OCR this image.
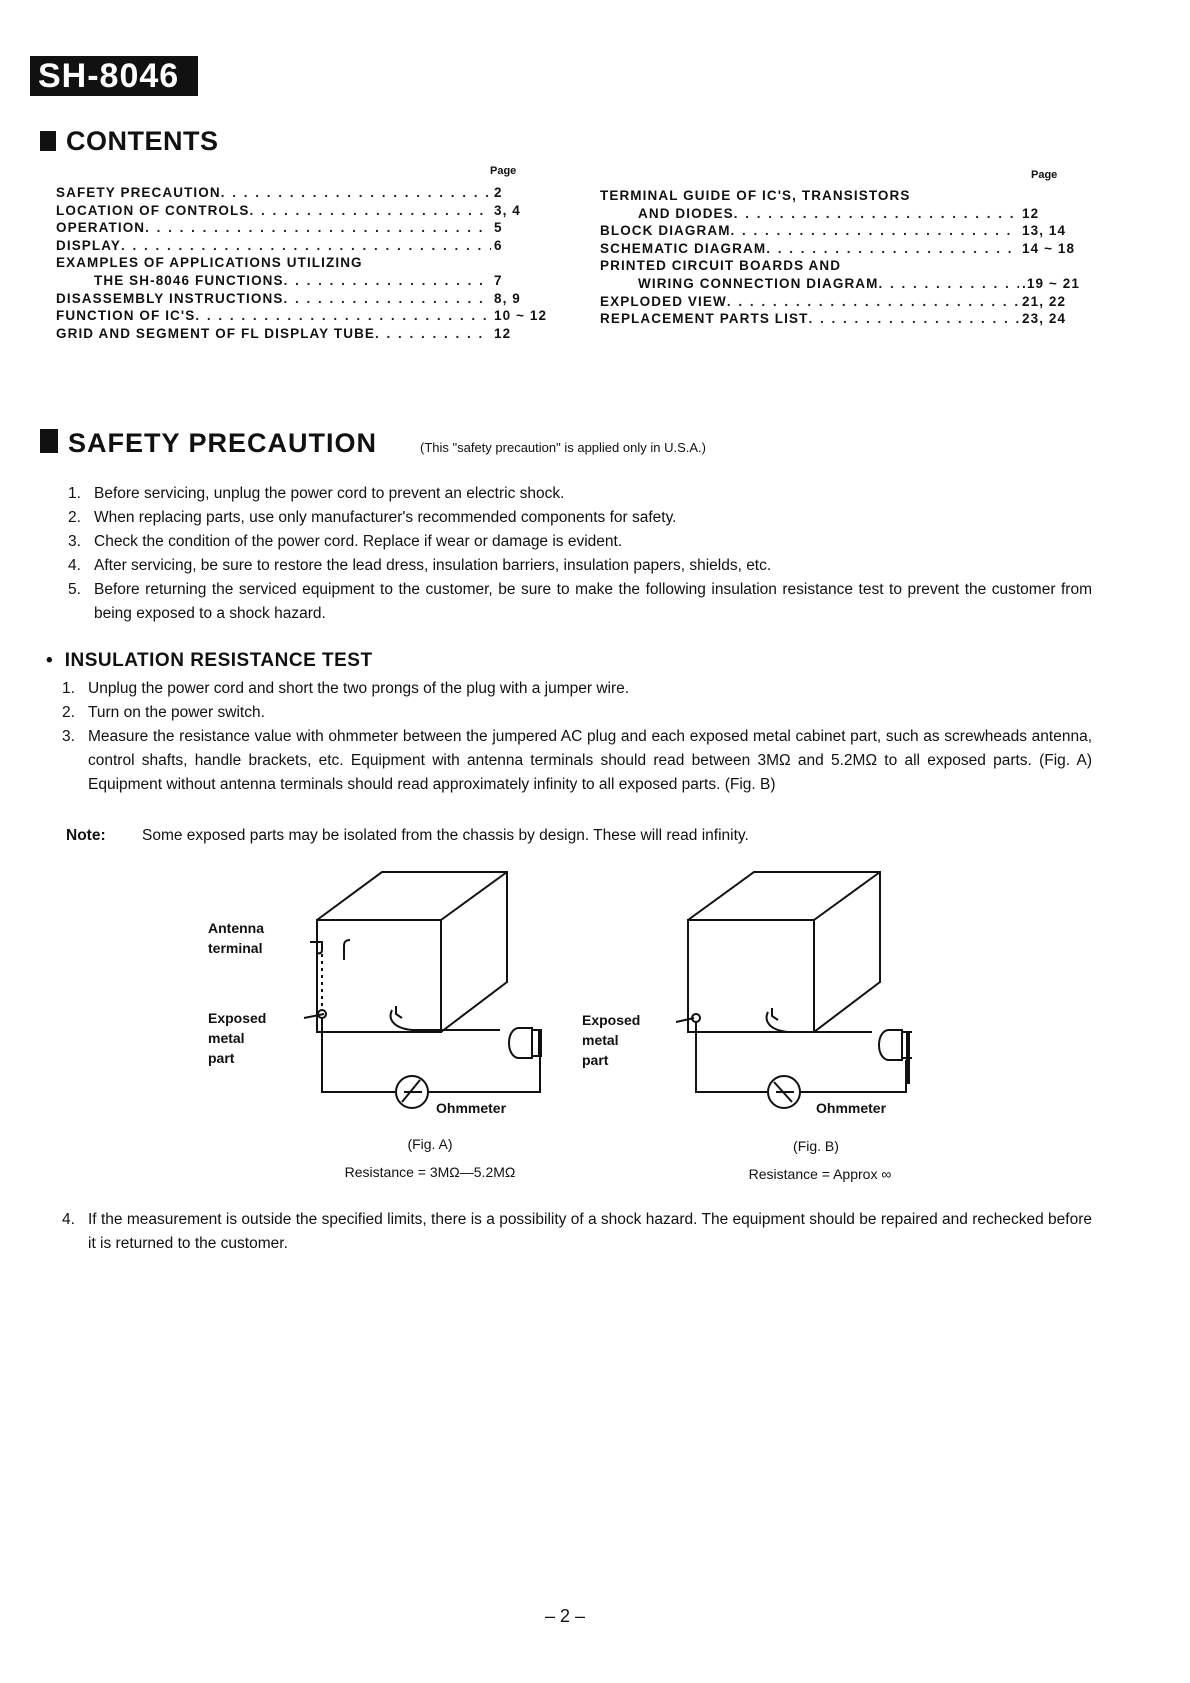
SH-8046
CONTENTS
Page	Page
SAFETY PRECAUTION . . .	2
LOCATION OF CONTROLS . . .	3, 4
OPERATION . . .	5
DISPLAY . . .	6
EXAMPLES OF APPLICATIONS UTILIZING
THE SH-8046 FUNCTIONS . . .	7
DISASSEMBLY INSTRUCTIONS . . .	8, 9
FUNCTION OF IC'S . . .	10 ~ 12
GRID AND SEGMENT OF FL DISPLAY TUBE . . .	12
TERMINAL GUIDE OF IC'S, TRANSISTORS
AND DIODES . . .	12
BLOCK DIAGRAM . . .	13, 14
SCHEMATIC DIAGRAM . . .	14 ~ 18
PRINTED CIRCUIT BOARDS AND
WIRING CONNECTION DIAGRAM . . .	.19 ~ 21
EXPLODED VIEW . . .	21, 22
REPLACEMENT PARTS LIST . . .	23, 24
SAFETY PRECAUTION	(This "safety precaution" is applied only in U.S.A.)
1. Before servicing, unplug the power cord to prevent an electric shock.
2. When replacing parts, use only manufacturer's recommended components for safety.
3. Check the condition of the power cord. Replace if wear or damage is evident.
4. After servicing, be sure to restore the lead dress, insulation barriers, insulation papers, shields, etc.
5. Before returning the serviced equipment to the customer, be sure to make the following insulation resistance test to prevent the customer from being exposed to a shock hazard.
• INSULATION RESISTANCE TEST
1. Unplug the power cord and short the two prongs of the plug with a jumper wire.
2. Turn on the power switch.
3. Measure the resistance value with ohmmeter between the jumpered AC plug and each exposed metal cabinet part, such as screwheads antenna, control shafts, handle brackets, etc. Equipment with antenna terminals should read between 3MΩ and 5.2MΩ to all exposed parts. (Fig. A) Equipment without antenna terminals should read approximately infinity to all exposed parts. (Fig. B)
Note:	Some exposed parts may be isolated from the chassis by design. These will read infinity.
Antenna
terminal
Exposed
metal
part
Ohmmeter
(Fig. A)
Resistance = 3MΩ—5.2MΩ
Exposed
metal
part
Ohmmeter
(Fig. B)
Resistance = Approx ∞
4. If the measurement is outside the specified limits, there is a possibility of a shock hazard. The equipment should be repaired and rechecked before it is returned to the customer.
– 2 –
